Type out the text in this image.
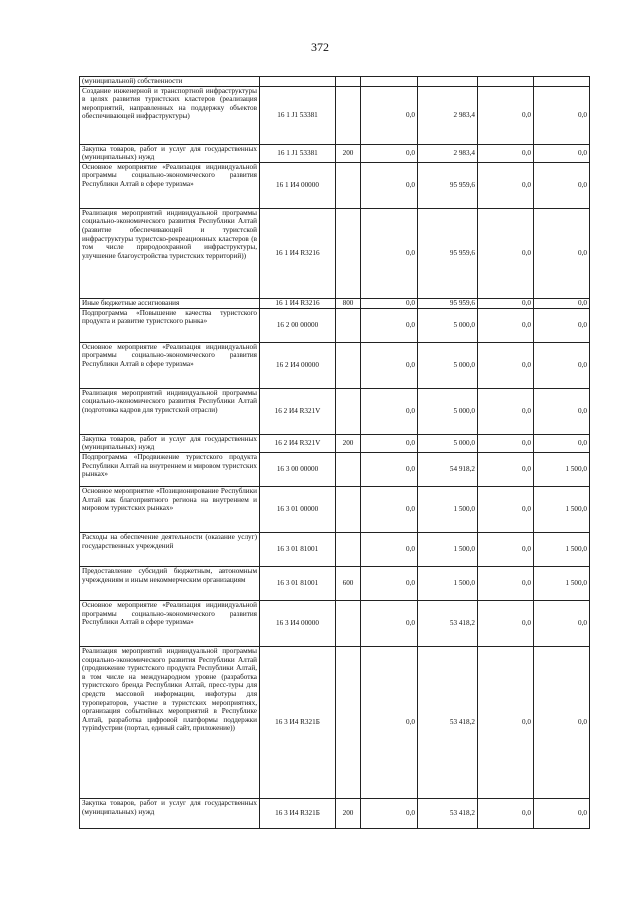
372
(муниципальной) собственности						
Создание инженерной и транспортной инфраструктуры в целях развития туристских кластеров (реализация мероприятий, направленных на поддержку объектов обеспечивающей инфраструктуры)	16 1 J1 53381		0,0	2 983,4	0,0	0,0
Закупка товаров, работ и услуг для государственных (муниципальных) нужд	16 1 J1 53381	200	0,0	2 983,4	0,0	0,0
Основное мероприятие «Реализация индивидуальной программы социально-экономического развития Республики Алтай в сфере туризма»	16 1 И4 00000		0,0	95 959,6	0,0	0,0
Реализация мероприятий индивидуальной программы социально-экономического развития Республики Алтай (развитие обеспечивающей и туристской инфраструктуры туристско-рекреационных кластеров (в том числе природоохранной инфраструктуры, улучшение благоустройства туристских территорий))	16 1 И4 R3216		0,0	95 959,6	0,0	0,0
Иные бюджетные ассигнования	16 1 И4 R3216	800	0,0	95 959,6	0,0	0,0
Подпрограмма «Повышение качества туристского продукта и развитие туристского рынка»	16 2 00 00000		0,0	5 000,0	0,0	0,0
Основное мероприятие «Реализация индивидуальной программы социально-экономического развития Республики Алтай в сфере туризма»	16 2 И4 00000		0,0	5 000,0	0,0	0,0
Реализация мероприятий индивидуальной программы социально-экономического развития Республики Алтай (подготовка кадров для туристской отрасли)	16 2 И4 R321V		0,0	5 000,0	0,0	0,0
Закупка товаров, работ и услуг для государственных (муниципальных) нужд	16 2 И4 R321V	200	0,0	5 000,0	0,0	0,0
Подпрограмма «Продвижение туристского продукта Республики Алтай на внутреннем и мировом туристских рынках»	16 3 00 00000		0,0	54 918,2	0,0	1 500,0
Основное мероприятие «Позиционирование Республики Алтай как благоприятного региона на внутреннем и мировом туристских рынках»	16 3 01 00000		0,0	1 500,0	0,0	1 500,0
Расходы на обеспечение деятельности (оказание услуг) государственных учреждений	16 3 01 81001		0,0	1 500,0	0,0	1 500,0
Предоставление субсидий бюджетным, автономным учреждениям и иным некоммерческим организациям	16 3 01 81001	600	0,0	1 500,0	0,0	1 500,0
Основное мероприятие «Реализация индивидуальной программы социально-экономического развития Республики Алтай в сфере туризма»	16 3 И4 00000		0,0	53 418,2	0,0	0,0
Реализация мероприятий индивидуальной программы социально-экономического развития Республики Алтай (продвижение туристского продукта Республики Алтай, в том числе на международном уровне (разработка туристского бренда Республики Алтай, пресс-туры для средств массовой информации, инфотуры для туроператоров, участие в туристских мероприятиях, организация событийных мероприятий в Республике Алтай, разработка цифровой платформы поддержки турindустрии (портал, единый сайт, приложение))	16 3 И4 R321Б		0,0	53 418,2	0,0	0,0
Закупка товаров, работ и услуг для государственных (муниципальных) нужд	16 3 И4 R321Б	200	0,0	53 418,2	0,0	0,0
